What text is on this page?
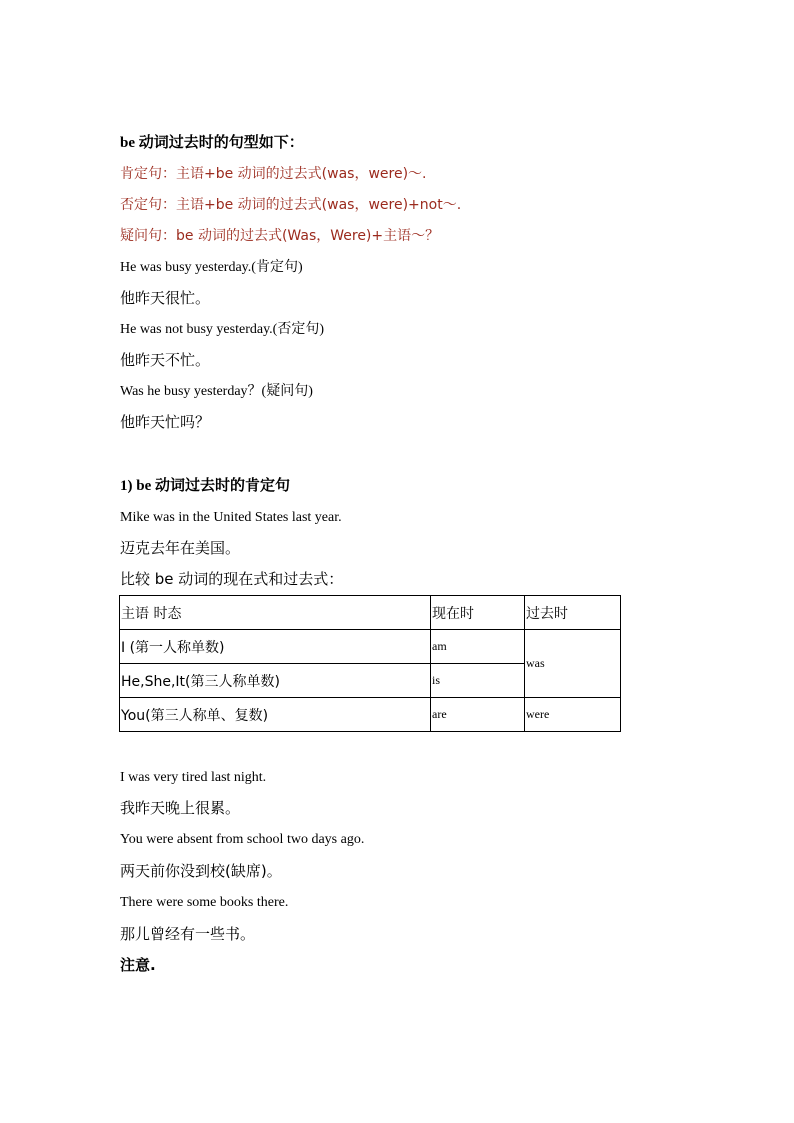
be 动词过去时的句型如下：
肯定句：主语+be 动词的过去式(was，were)～.
否定句：主语+be 动词的过去式(was，were)+not～.
疑问句：be 动词的过去式(Was，Were)+主语～？
He was busy yesterday.(肯定句)
他昨天很忙。
He was not busy yesterday.(否定句)
他昨天不忙。
Was he busy yesterday？(疑问句)
他昨天忙吗？
1) be 动词过去时的肯定句
Mike was in the United States last year.
迈克去年在美国。
比较 be 动词的现在式和过去式：
主语 时态	现在时	过去时
I (第一人称单数)	am	was
He,She,It(第三人称单数)	is	
You(第三人称单、复数)	are	were
I was very tired last night.
我昨天晚上很累。
You were absent from school two days ago.
两天前你没到校(缺席)。
There were some books there.
那儿曾经有一些书。
注意.
